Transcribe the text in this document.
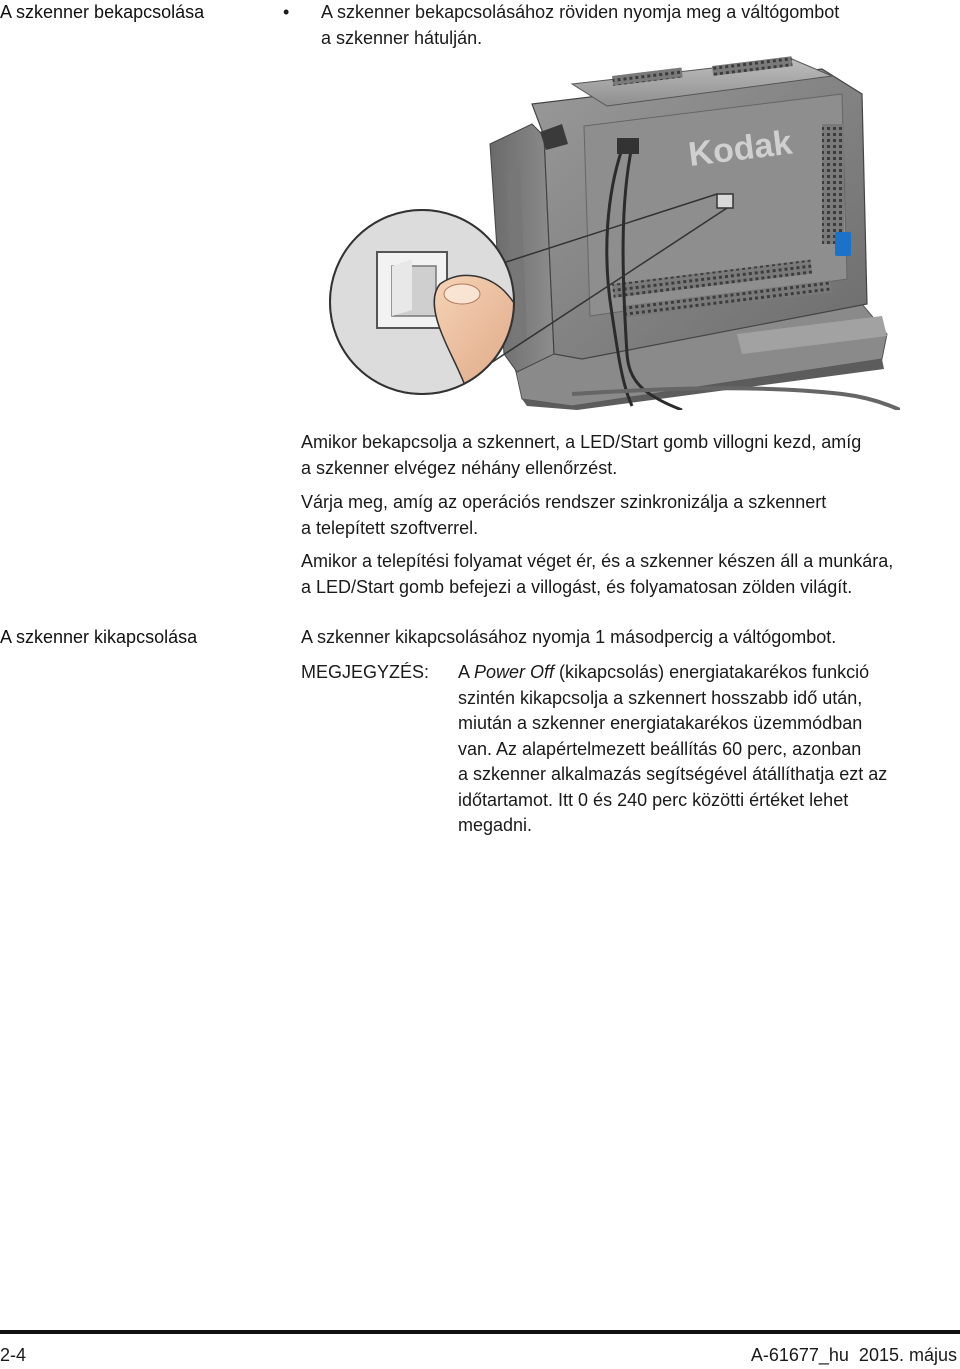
A szkenner bekapcsolása	• A szkenner bekapcsolásához röviden nyomja meg a váltógombot
a szkenner hátulján.
Kodak
Amikor bekapcsolja a szkennert, a LED/Start gomb villogni kezd, amíg
a szkenner elvégez néhány ellenőrzést.
Várja meg, amíg az operációs rendszer szinkronizálja a szkennert
a telepített szoftverrel.
Amikor a telepítési folyamat véget ér, és a szkenner készen áll a munkára,
a LED/Start gomb befejezi a villogást, és folyamatosan zölden világít.
A szkenner kikapcsolása	A szkenner kikapcsolásához nyomja 1 másodpercig a váltógombot.
MEGJEGYZÉS: A Power Off (kikapcsolás) energiatakarékos funkció
szintén kikapcsolja a szkennert hosszabb idő után,
miután a szkenner energiatakarékos üzemmódban
van. Az alapértelmezett beállítás 60 perc, azonban
a szkenner alkalmazás segítségével átállíthatja ezt az
időtartamot. Itt 0 és 240 perc közötti értéket lehet
megadni.
2-4	A-61677_hu  2015. május
